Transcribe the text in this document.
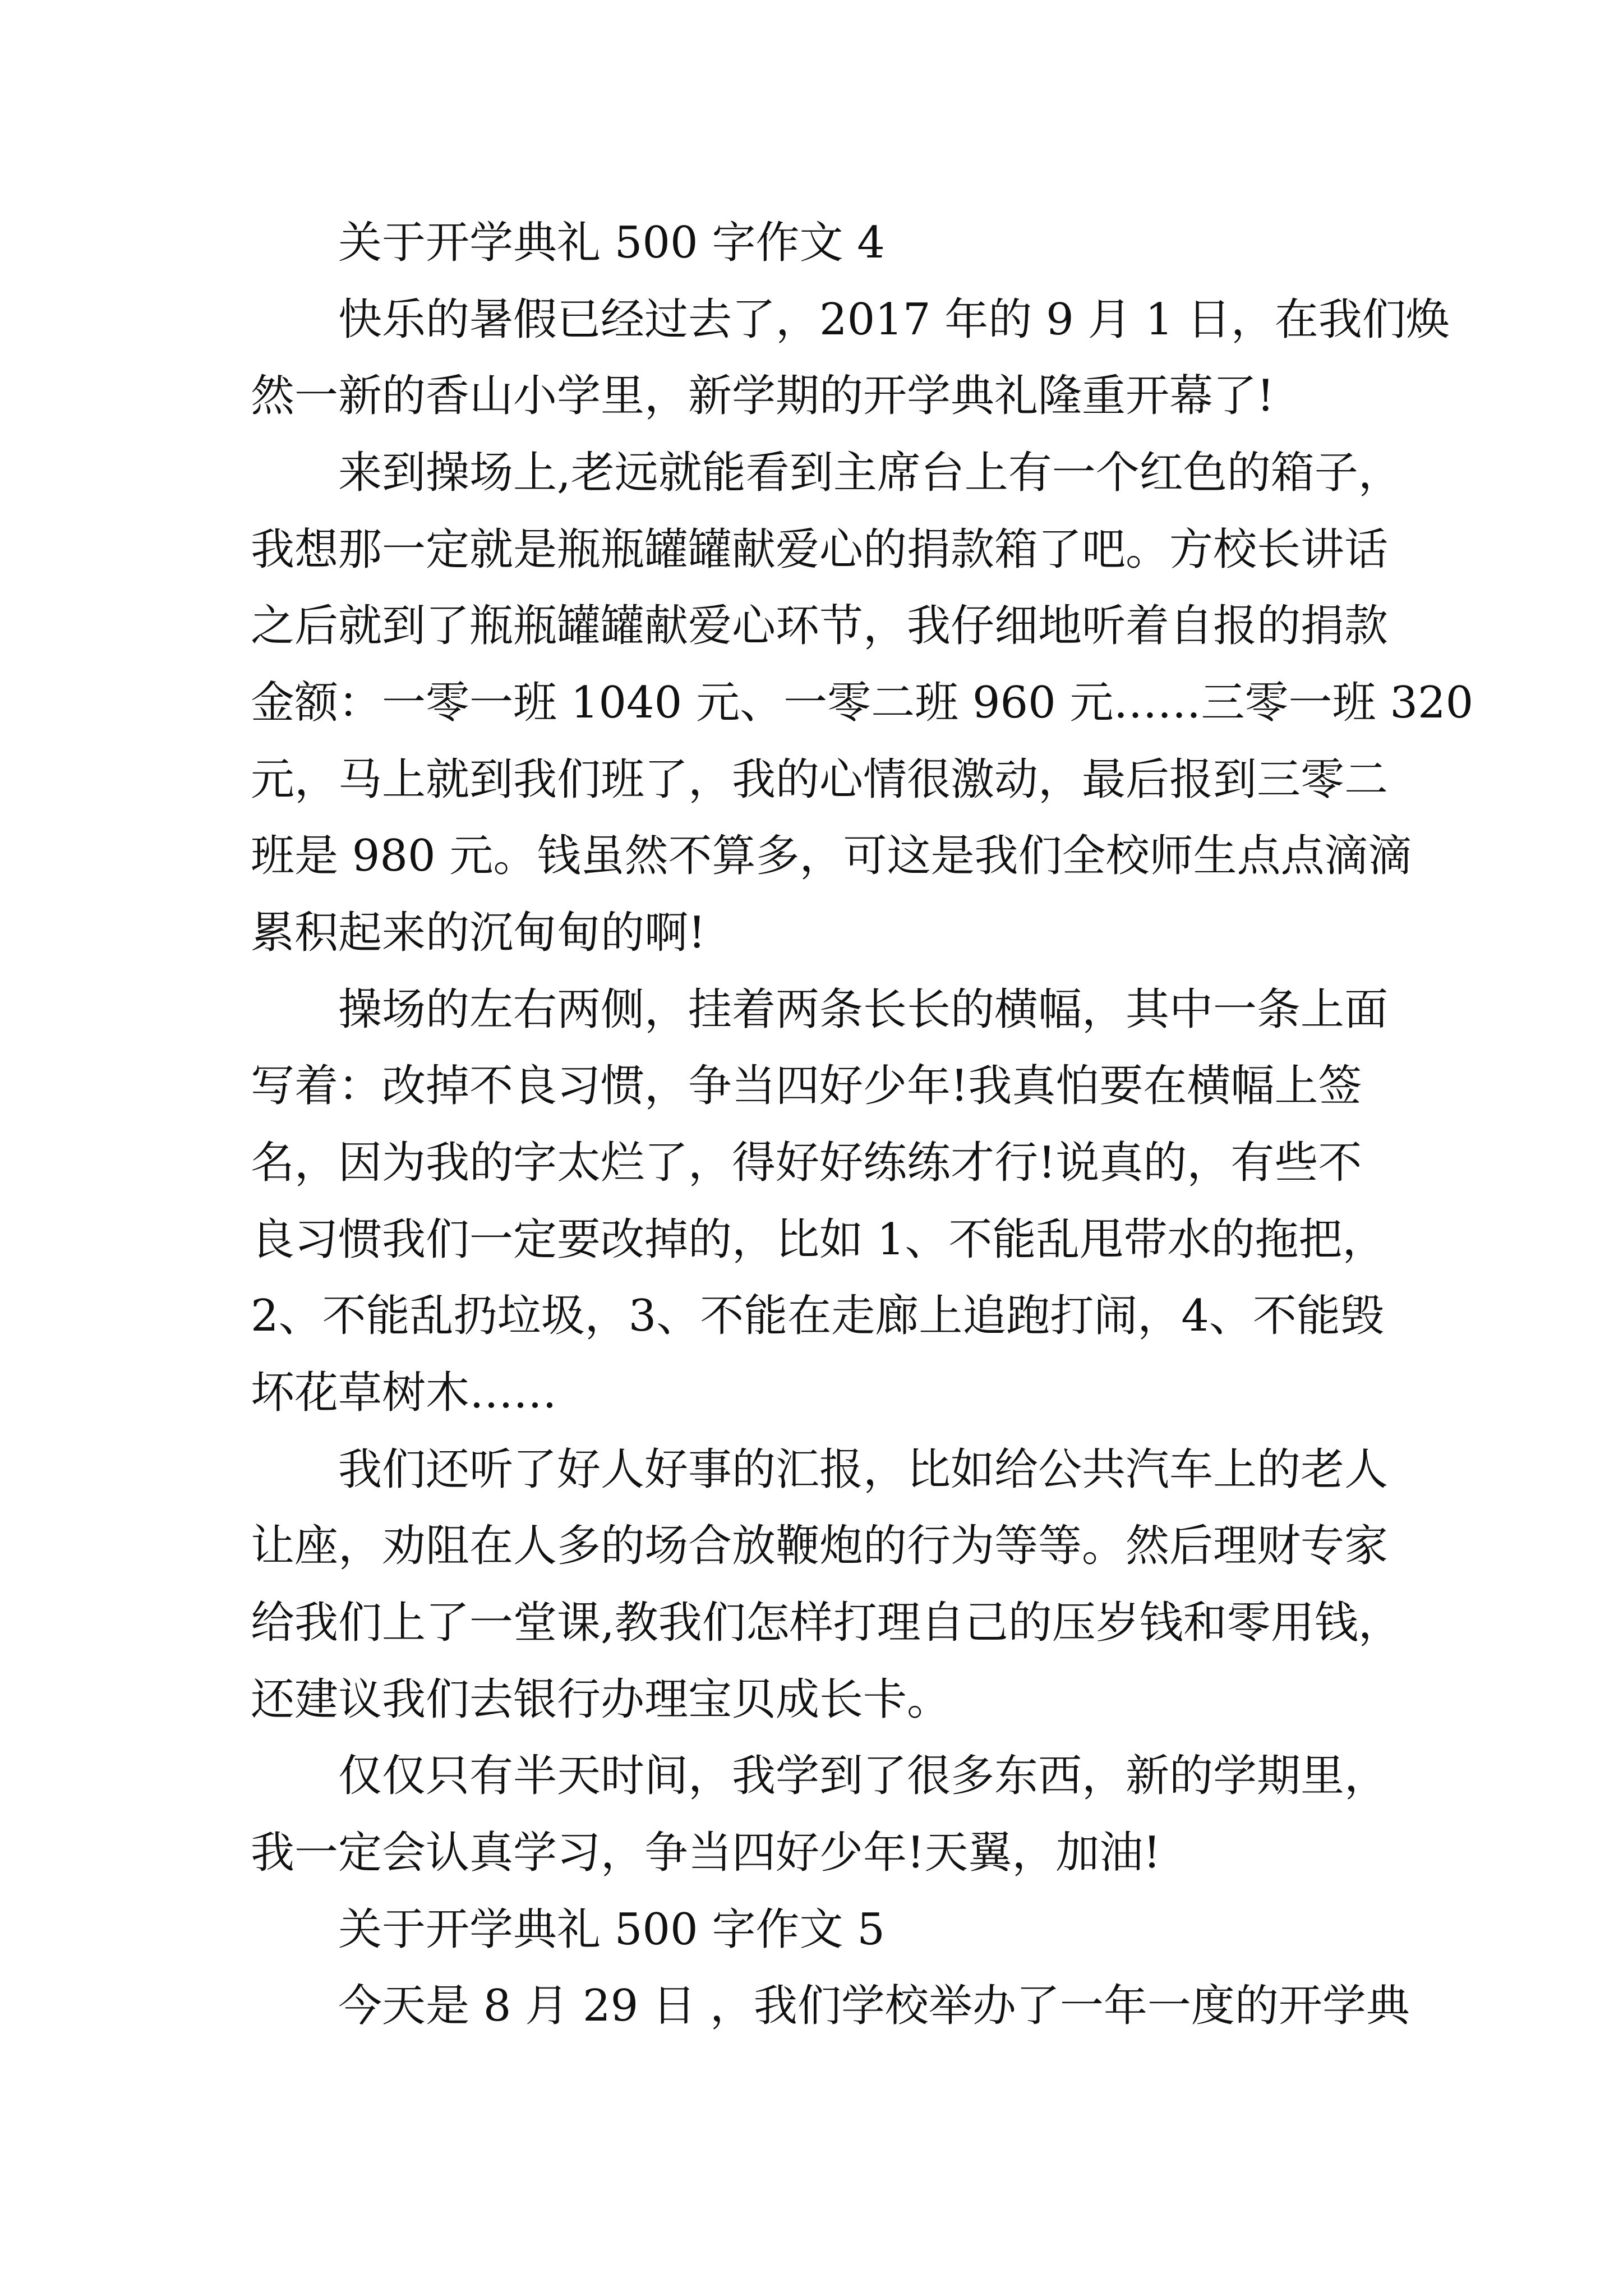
关于开学典礼 500 字作文 4
快乐的暑假已经过去了，2017 年的 9 月 1 日，在我们焕
然一新的香山小学里，新学期的开学典礼隆重开幕了!
来到操场上,老远就能看到主席台上有一个红色的箱子，
我想那一定就是瓶瓶罐罐献爱心的捐款箱了吧。方校长讲话
之后就到了瓶瓶罐罐献爱心环节，我仔细地听着自报的捐款
金额：一零一班 1040 元、一零二班 960 元……三零一班 320
元，马上就到我们班了，我的心情很激动，最后报到三零二
班是 980 元。钱虽然不算多，可这是我们全校师生点点滴滴
累积起来的沉甸甸的啊!
操场的左右两侧，挂着两条长长的横幅，其中一条上面
写着：改掉不良习惯，争当四好少年!我真怕要在横幅上签
名，因为我的字太烂了，得好好练练才行!说真的，有些不
良习惯我们一定要改掉的，比如 1、不能乱甩带水的拖把，
2、不能乱扔垃圾，3、不能在走廊上追跑打闹，4、不能毁
坏花草树木……
我们还听了好人好事的汇报，比如给公共汽车上的老人
让座，劝阻在人多的场合放鞭炮的行为等等。然后理财专家
给我们上了一堂课,教我们怎样打理自己的压岁钱和零用钱，
还建议我们去银行办理宝贝成长卡。
仅仅只有半天时间，我学到了很多东西，新的学期里，
我一定会认真学习，争当四好少年!天翼，加油!
关于开学典礼 500 字作文 5
今天是 8 月 29 日 ，我们学校举办了一年一度的开学典
